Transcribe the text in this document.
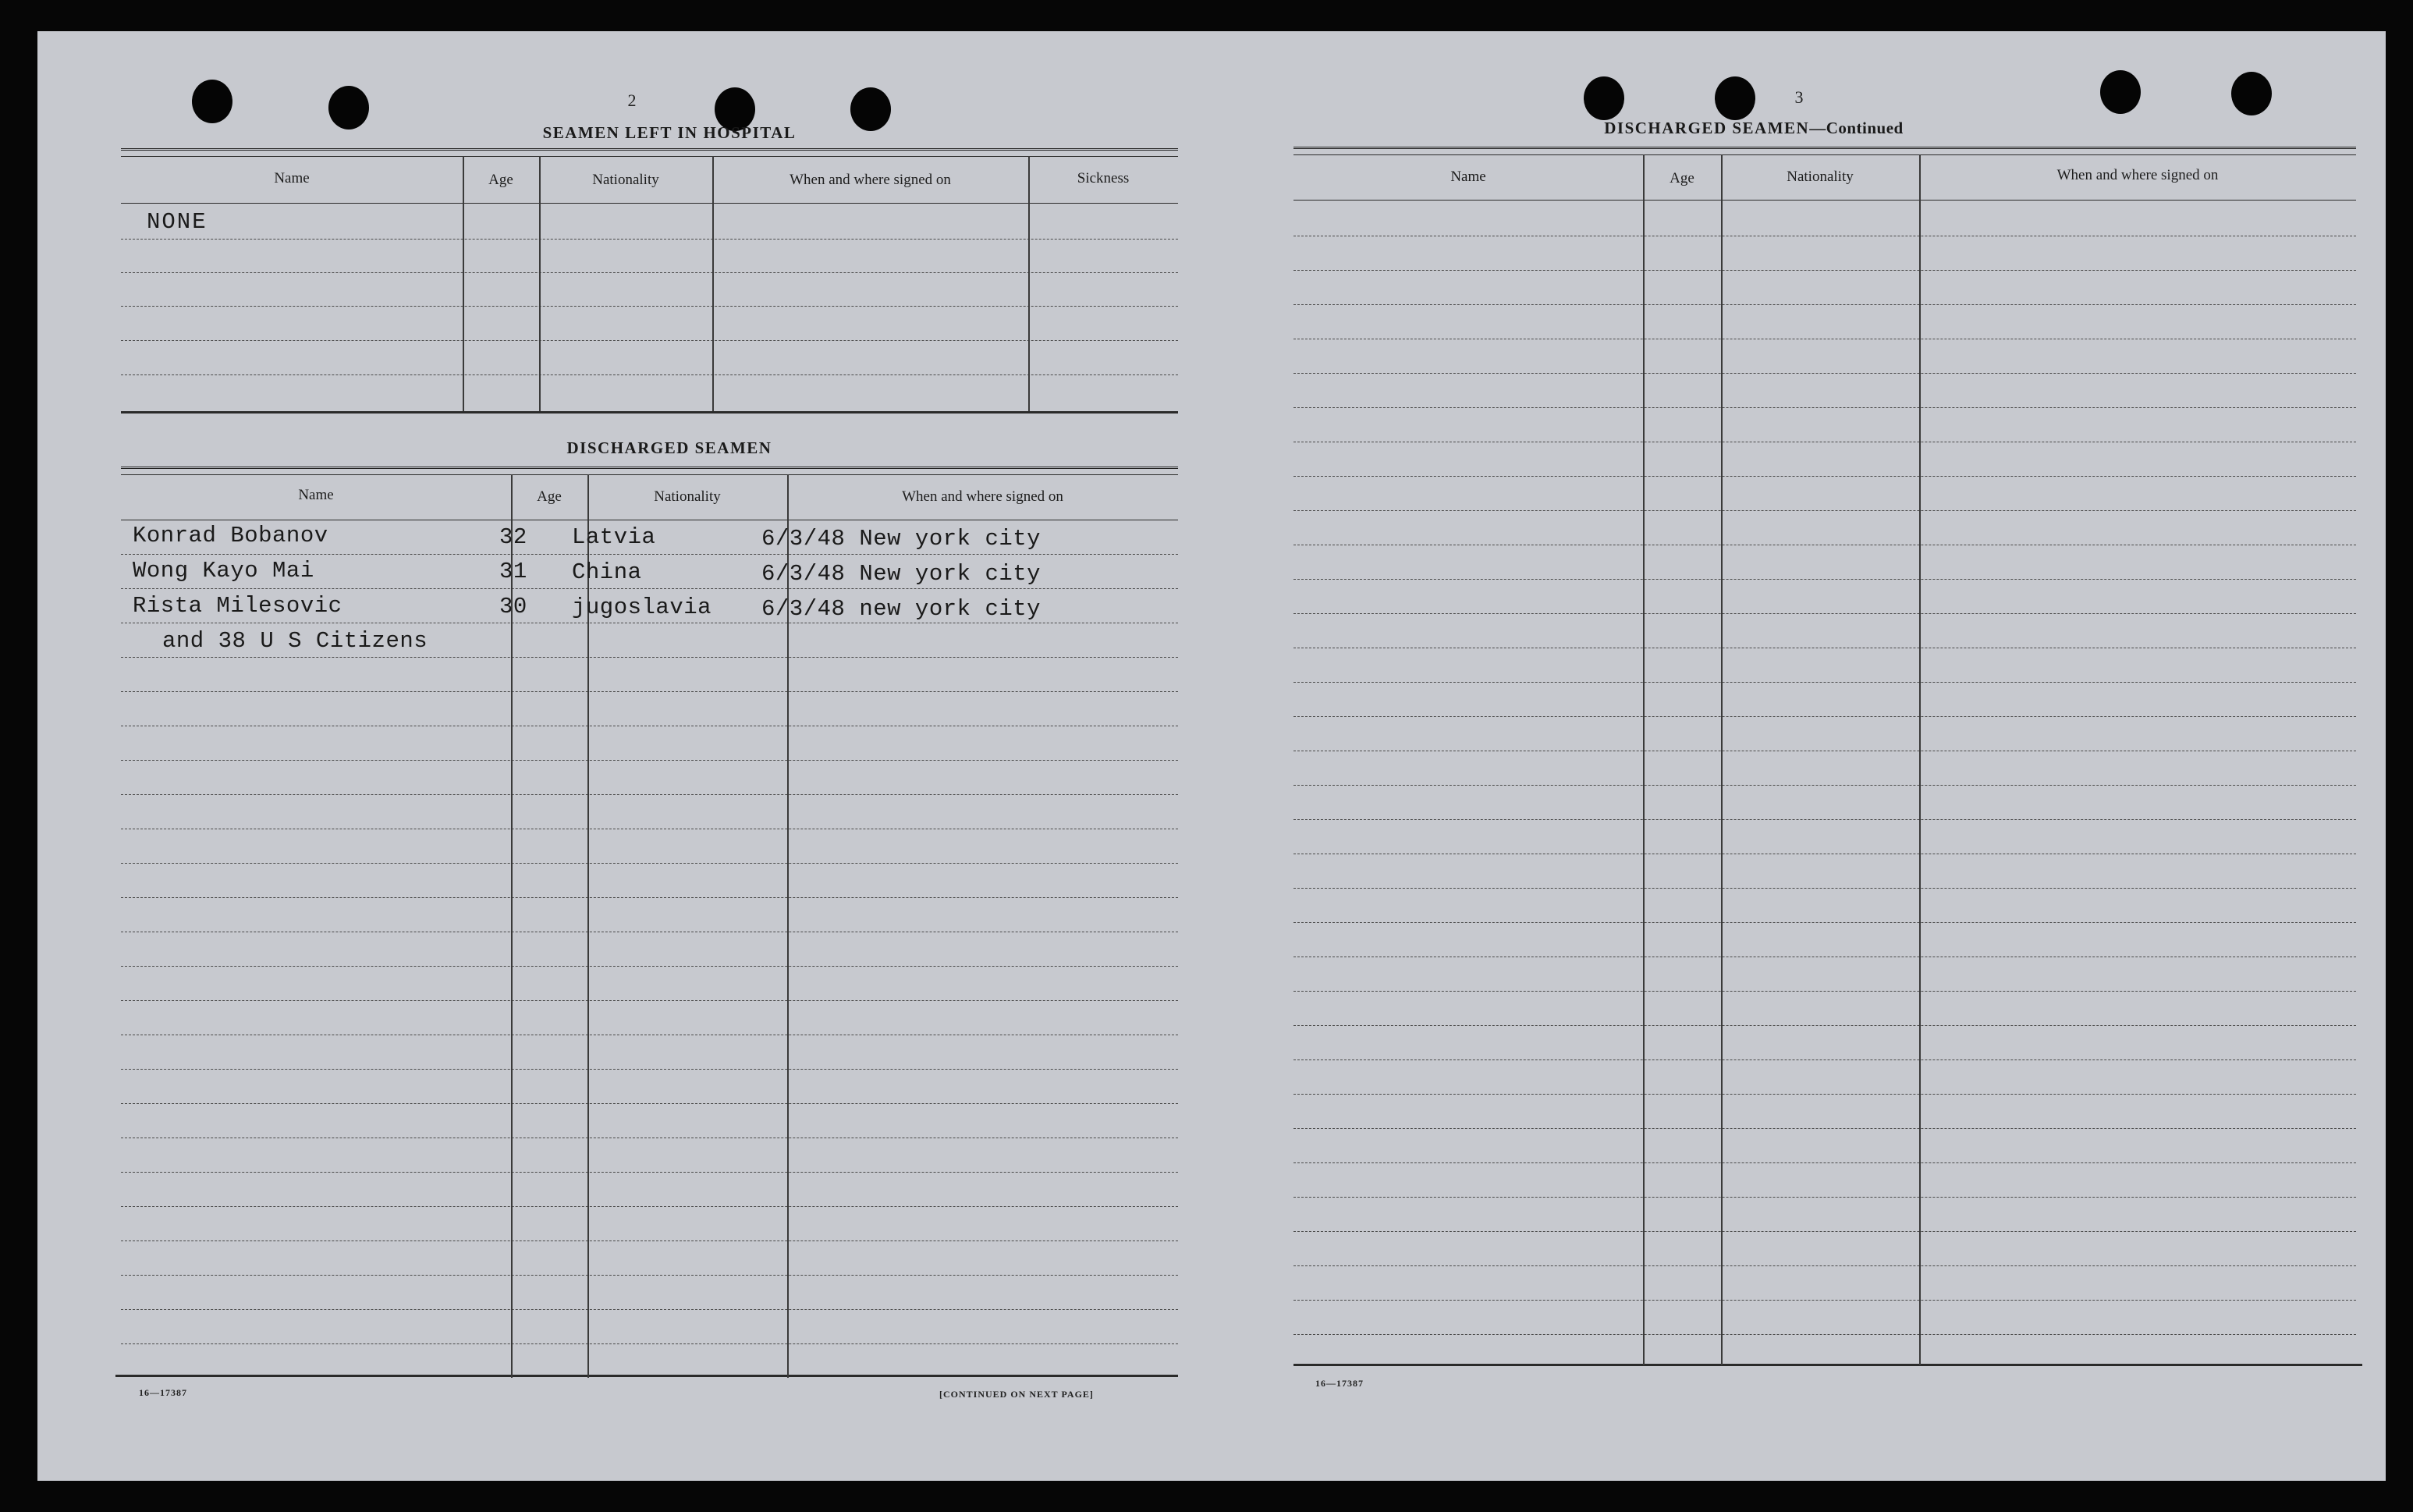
2
SEAMEN LEFT IN HOSPITAL
Name	Age	Nationality	When and where signed on	Sickness
NONE
DISCHARGED SEAMEN
Name	Age	Nationality	When and where signed on
Konrad Bobanov	32 Latvia	6/3/48 New york city
Wong Kayo Mai	31 China	6/3/48 New york city
Rista Milesovic	30 jugoslavia 6/3/48 new york city
and 38 U S Citizens
16—17387	[CONTINUED ON NEXT PAGE]
3
DISCHARGED SEAMEN—Continued
Name	Age	Nationality	When and where signed on
16—17387
